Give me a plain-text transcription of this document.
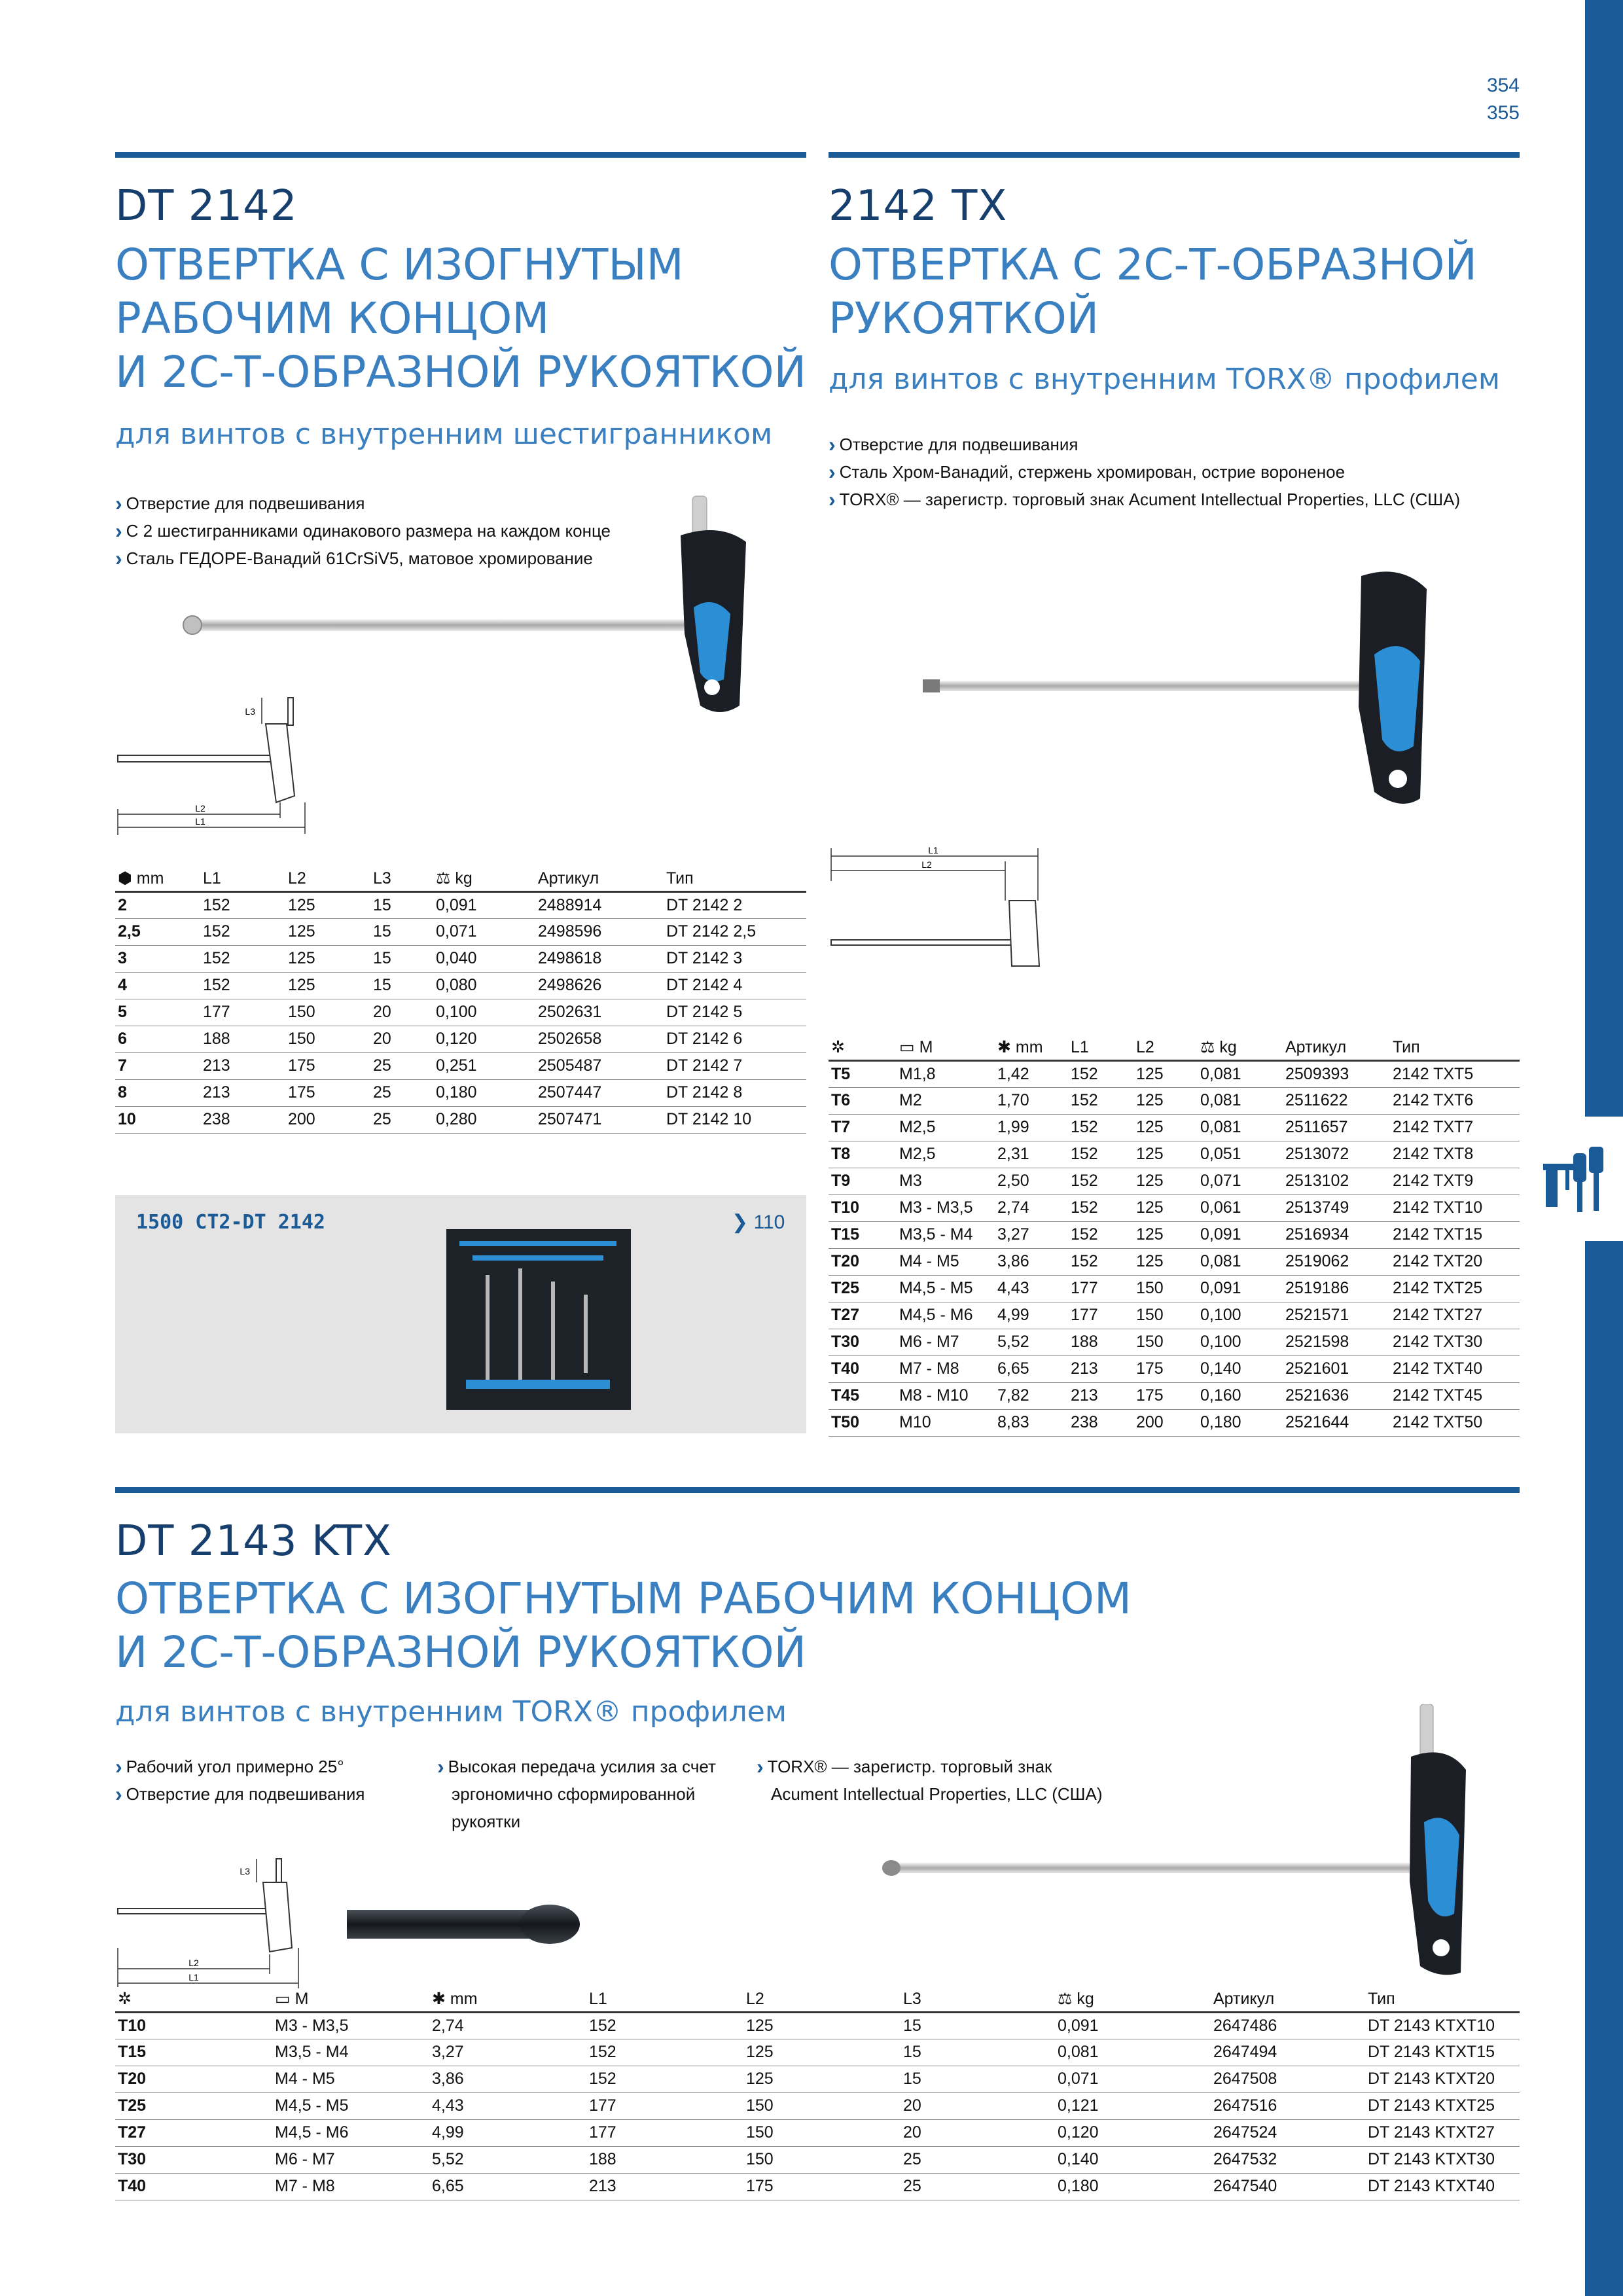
354
355
DT 2142
ОТВЕРТКА С ИЗОГНУТЫМ
РАБОЧИМ КОНЦОМ
И 2С-Т-ОБРАЗНОЙ РУКОЯТКОЙ
для винтов с внутренним шестигранником
› Отверстие для подвешивания
› С 2 шестигранниками одинакового размера на каждом конце
› Сталь ГЕДОРЕ-Ванадий 61CrSiV5, матовое хромирование
L2
L1
L3
⬢ mm	L1	L2	L3	⚖ kg	Артикул	Тип
2	152	125	15	0,091	2488914	DT 2142 2
2,5	152	125	15	0,071	2498596	DT 2142 2,5
3	152	125	15	0,040	2498618	DT 2142 3
4	152	125	15	0,080	2498626	DT 2142 4
5	177	150	20	0,100	2502631	DT 2142 5
6	188	150	20	0,120	2502658	DT 2142 6
7	213	175	25	0,251	2505487	DT 2142 7
8	213	175	25	0,180	2507447	DT 2142 8
10	238	200	25	0,280	2507471	DT 2142 10
1500 CT2-DT 2142	❯ 110
2142 TX
ОТВЕРТКА С 2С-Т-ОБРАЗНОЙ
РУКОЯТКОЙ
для винтов с внутренним TORX® профилем
› Отверстие для подвешивания
› Сталь Хром-Ванадий, стержень хромирован, острие вороненое
› TORX® — зарегистр. торговый знак Acument Intellectual Properties, LLC (США)
L1
L2
✲	▭ M	✱ mm	L1	L2	⚖ kg	Артикул	Тип
T5	M1,8	1,42	152	125	0,081	2509393	2142 TXT5
T6	M2	1,70	152	125	0,081	2511622	2142 TXT6
T7	M2,5	1,99	152	125	0,081	2511657	2142 TXT7
T8	M2,5	2,31	152	125	0,051	2513072	2142 TXT8
T9	M3	2,50	152	125	0,071	2513102	2142 TXT9
T10	M3 - M3,5	2,74	152	125	0,061	2513749	2142 TXT10
T15	M3,5 - M4	3,27	152	125	0,091	2516934	2142 TXT15
T20	M4 - M5	3,86	152	125	0,081	2519062	2142 TXT20
T25	M4,5 - M5	4,43	177	150	0,091	2519186	2142 TXT25
T27	M4,5 - M6	4,99	177	150	0,100	2521571	2142 TXT27
T30	M6 - M7	5,52	188	150	0,100	2521598	2142 TXT30
T40	M7 - M8	6,65	213	175	0,140	2521601	2142 TXT40
T45	M8 - M10	7,82	213	175	0,160	2521636	2142 TXT45
T50	M10	8,83	238	200	0,180	2521644	2142 TXT50
DT 2143 KTX
ОТВЕРТКА С ИЗОГНУТЫМ РАБОЧИМ КОНЦОМ
И 2С-Т-ОБРАЗНОЙ РУКОЯТКОЙ
для винтов с внутренним TORX® профилем
› Рабочий угол примерно 25°
› Отверстие для подвешивания
› Высокая передача усилия за счет
эргономично сформированной
рукоятки
› TORX® — зарегистр. торговый знак
Acument Intellectual Properties, LLC (США)
L2
L1
L3
✲	▭ M	✱ mm	L1	L2	L3	⚖ kg	Артикул	Тип
T10	M3 - M3,5	2,74	152	125	15	0,091	2647486	DT 2143 KTXT10
T15	M3,5 - M4	3,27	152	125	15	0,081	2647494	DT 2143 KTXT15
T20	M4 - M5	3,86	152	125	15	0,071	2647508	DT 2143 KTXT20
T25	M4,5 - M5	4,43	177	150	20	0,121	2647516	DT 2143 KTXT25
T27	M4,5 - M6	4,99	177	150	20	0,120	2647524	DT 2143 KTXT27
T30	M6 - M7	5,52	188	150	25	0,140	2647532	DT 2143 KTXT30
T40	M7 - M8	6,65	213	175	25	0,180	2647540	DT 2143 KTXT40
